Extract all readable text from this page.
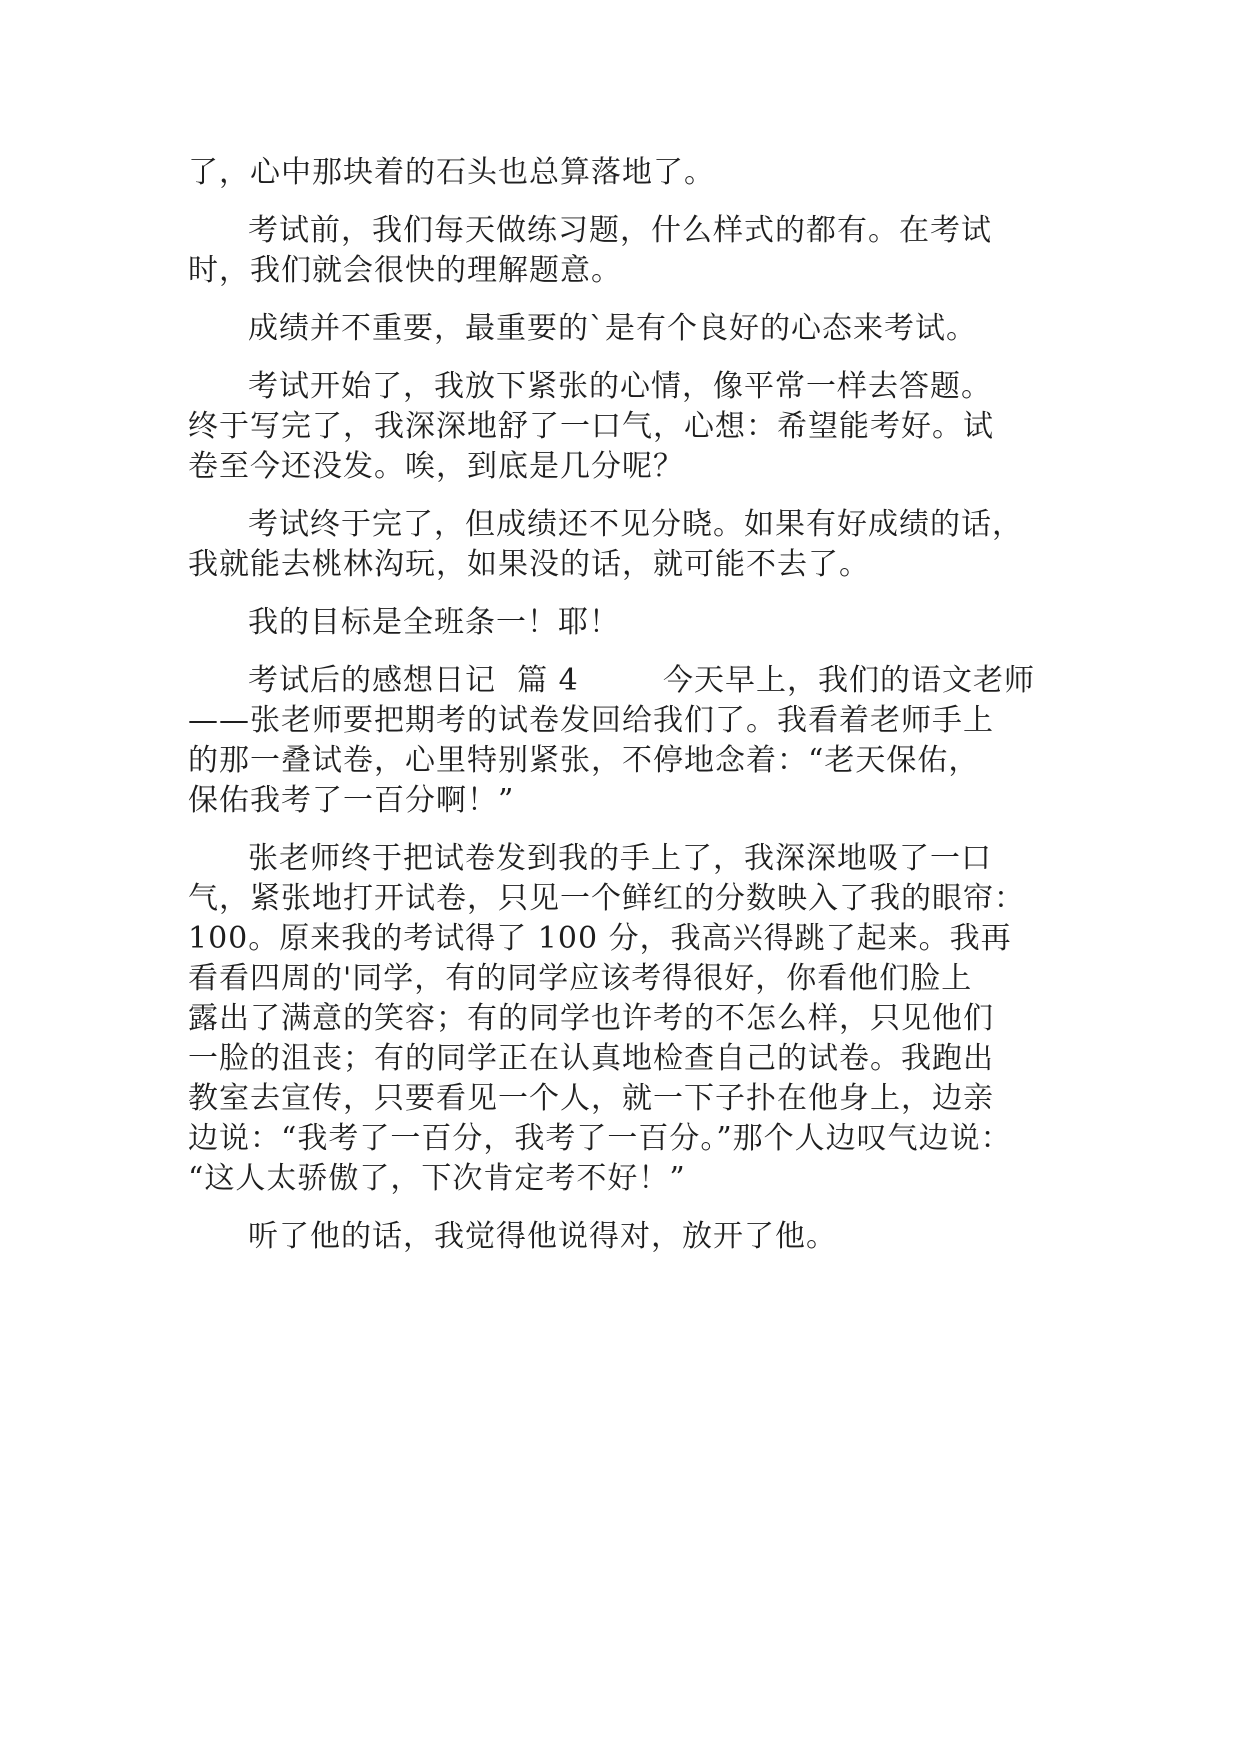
了，心中那块着的石头也总算落地了。
考试前，我们每天做练习题，什么样式的都有。在考试
时，我们就会很快的理解题意。
成绩并不重要，最重要的`是有个良好的心态来考试。
考试开始了，我放下紧张的心情，像平常一样去答题。
终于写完了，我深深地舒了一口气，心想：希望能考好。试
卷至今还没发。唉，到底是几分呢？
考试终于完了，但成绩还不见分晓。如果有好成绩的话，
我就能去桃林沟玩，如果没的话，就可能不去了。
我的目标是全班条一！耶！
考试后的感想日记  篇 4        今天早上，我们的语文老师
——张老师要把期考的试卷发回给我们了。我看着老师手上
的那一叠试卷，心里特别紧张，不停地念着：“老天保佑，
保佑我考了一百分啊！”
张老师终于把试卷发到我的手上了，我深深地吸了一口
气，紧张地打开试卷，只见一个鲜红的分数映入了我的眼帘：
100。原来我的考试得了 100 分，我高兴得跳了起来。我再
看看四周的'同学，有的同学应该考得很好，你看他们脸上
露出了满意的笑容；有的同学也许考的不怎么样，只见他们
一脸的沮丧；有的同学正在认真地检查自己的试卷。我跑出
教室去宣传，只要看见一个人，就一下子扑在他身上，边亲
边说：“我考了一百分，我考了一百分。”那个人边叹气边说：
“这人太骄傲了，下次肯定考不好！”
听了他的话，我觉得他说得对，放开了他。
